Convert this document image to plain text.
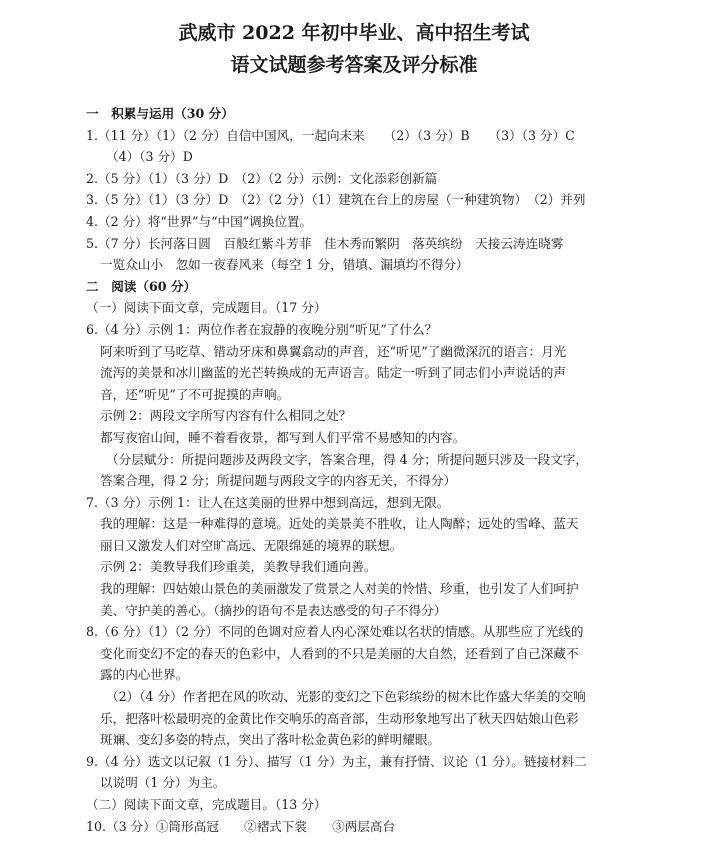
武威市 2022 年初中毕业、高中招生考试
语文试题参考答案及评分标准
一　积累与运用（30 分）
1.（11 分）（1）（2 分）自信中国风，一起向未来　　（2）（3 分）B　　（3）（3 分）C
（4）（3 分）D
2.（5 分）（1）（3 分）D　（2）（2 分）示例：文化添彩创新篇
3.（5 分）（1）（3 分）D　（2）（2 分）（1）建筑在台上的房屋（一种建筑物）　（2）并列
4.（2 分）将“世界”与“中国”调换位置。
5.（7 分）长河落日圆　百般红紫斗芳菲　佳木秀而繁阴　落英缤纷　天接云涛连晓雾
一览众山小　忽如一夜春风来（每空 1 分，错填、漏填均不得分）
二　阅读（60 分）
（一）阅读下面文章，完成题目。（17 分）
6.（4 分）示例 1：两位作者在寂静的夜晚分别“听见”了什么？
阿来听到了马吃草、错动牙床和鼻翼翕动的声音，还“听见”了幽微深沉的语言：月光
流泻的美景和冰川幽蓝的光芒转换成的无声语言。陆定一听到了同志们小声说话的声
音，还“听见”了不可捉摸的声响。
示例 2：两段文字所写内容有什么相同之处？
都写夜宿山间，睡不着看夜景，都写到人们平常不易感知的内容。
（分层赋分：所提问题涉及两段文字，答案合理，得 4 分；所提问题只涉及一段文字，
答案合理，得 2 分；所提问题与两段文字的内容无关，不得分）
7.（3 分）示例 1：让人在这美丽的世界中想到高远，想到无限。
我的理解：这是一种难得的意境。近处的美景美不胜收，让人陶醉；远处的雪峰、蓝天
丽日又激发人们对空旷高远、无限绵延的境界的联想。
示例 2：美教导我们珍重美，美教导我们通向善。
我的理解：四姑娘山景色的美丽激发了赏景之人对美的怜惜、珍重，也引发了人们呵护
美、守护美的善心。（摘抄的语句不是表达感受的句子不得分）
8.（6 分）（1）（2 分）不同的色调对应着人内心深处难以名状的情感。从那些应了光线的
变化而变幻不定的春天的色彩中，人看到的不只是美丽的大自然，还看到了自己深藏不
露的内心世界。
（2）（4 分）作者把在风的吹动、光影的变幻之下色彩缤纷的树木比作盛大华美的交响
乐，把落叶松最明亮的金黄比作交响乐的高音部，生动形象地写出了秋天四姑娘山色彩
斑斓、变幻多姿的特点，突出了落叶松金黄色彩的鲜明耀眼。
9.（4 分）选文以记叙（1 分）、描写（1 分）为主，兼有抒情、议论（1 分）。链接材料二
以说明（1 分）为主。
（二）阅读下面文章，完成题目。（13 分）
10.（3 分）①筒形高冠　　②褶式下裳　　③两层高台
